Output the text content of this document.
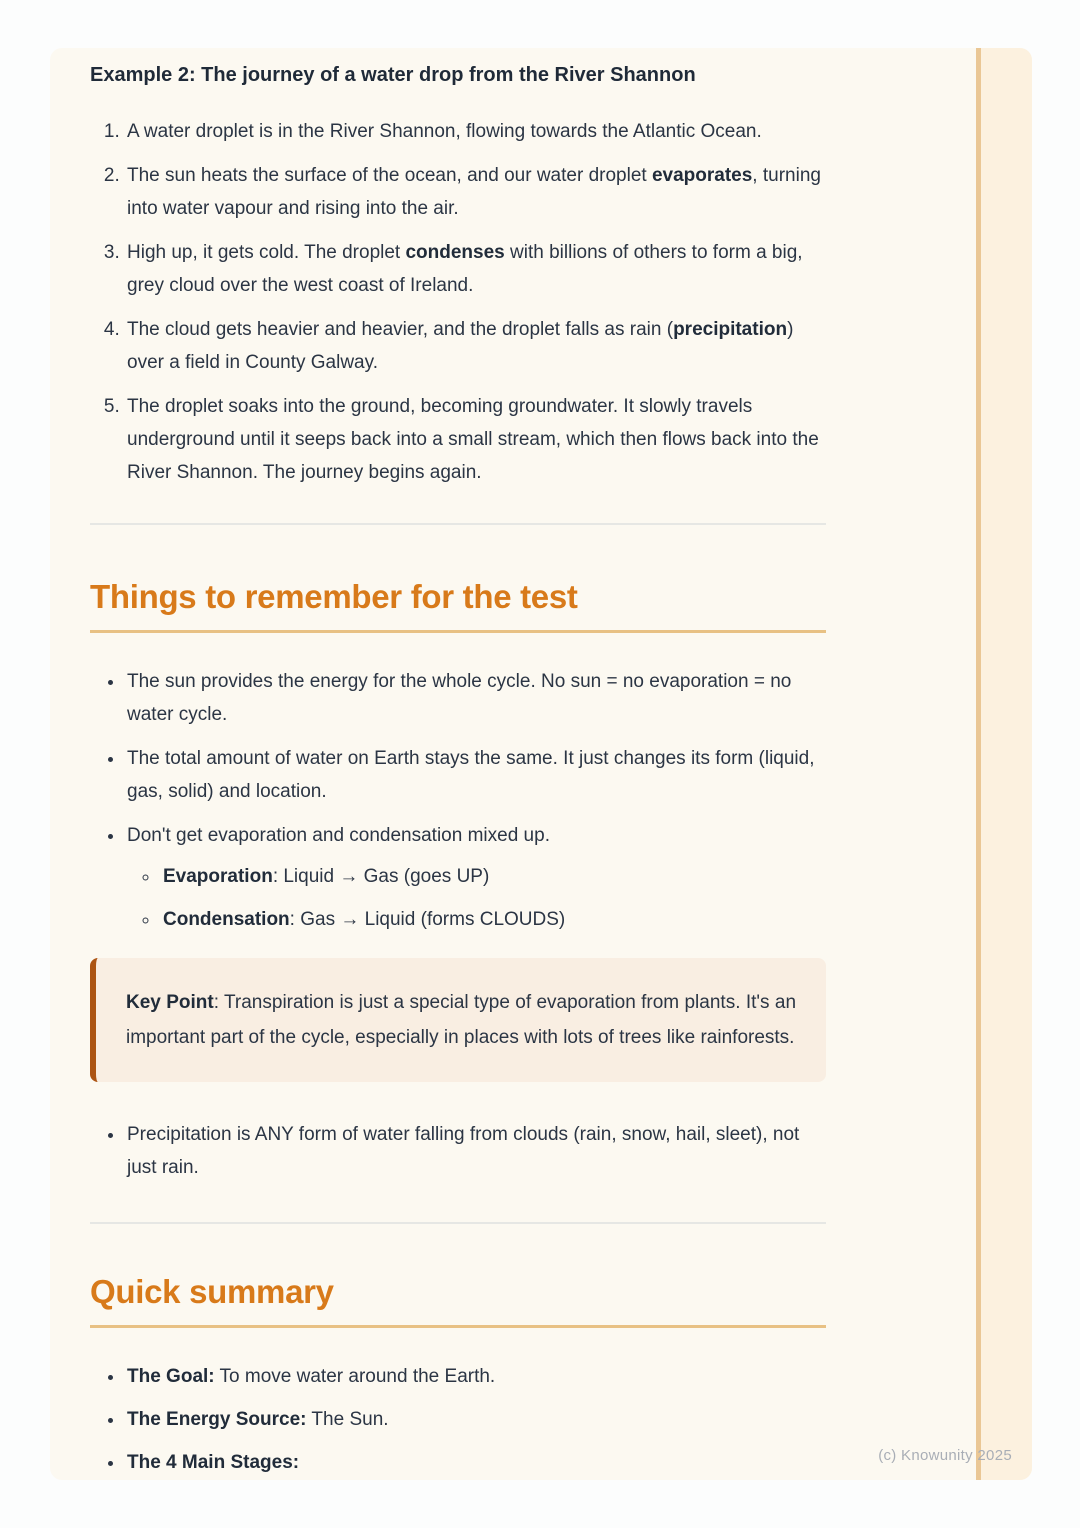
Example 2: The journey of a water drop from the River Shannon
1. A water droplet is in the River Shannon, flowing towards the Atlantic Ocean.
2. The sun heats the surface of the ocean, and our water droplet evaporates, turning into water vapour and rising into the air.
3. High up, it gets cold. The droplet condenses with billions of others to form a big, grey cloud over the west coast of Ireland.
4. The cloud gets heavier and heavier, and the droplet falls as rain (precipitation) over a field in County Galway.
5. The droplet soaks into the ground, becoming groundwater. It slowly travels underground until it seeps back into a small stream, which then flows back into the River Shannon. The journey begins again.
Things to remember for the test
• The sun provides the energy for the whole cycle. No sun = no evaporation = no water cycle.
• The total amount of water on Earth stays the same. It just changes its form (liquid, gas, solid) and location.
• Don't get evaporation and condensation mixed up.
◦ Evaporation: Liquid → Gas (goes UP)
◦ Condensation: Gas → Liquid (forms CLOUDS)

Key Point: Transpiration is just a special type of evaporation from plants. It's an important part of the cycle, especially in places with lots of trees like rainforests.

• Precipitation is ANY form of water falling from clouds (rain, snow, hail, sleet), not just rain.
Quick summary
• The Goal: To move water around the Earth.
• The Energy Source: The Sun.
• The 4 Main Stages:	(c) Knowunity 2025
